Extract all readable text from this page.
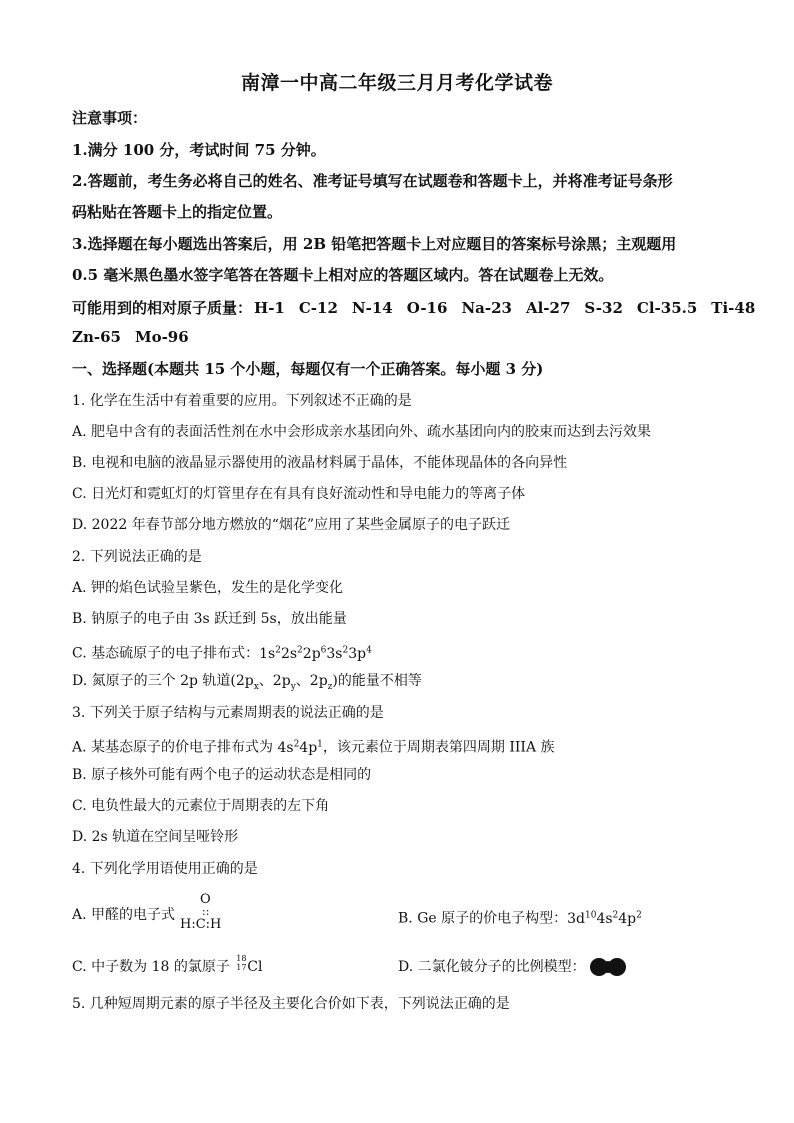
南漳一中高二年级三月月考化学试卷
注意事项：
1.满分 100 分，考试时间 75 分钟。
2.答题前，考生务必将自己的姓名、准考证号填写在试题卷和答题卡上，并将准考证号条形
码粘贴在答题卡上的指定位置。
3.选择题在每小题选出答案后，用 2B 铅笔把答题卡上对应题目的答案标号涂黑；主观题用
0.5 毫米黑色墨水签字笔答在答题卡上相对应的答题区域内。答在试题卷上无效。
可能用到的相对原子质量： H-1 C-12 N-14 O-16 Na-23 Al-27 S-32 Cl-35.5 Ti-48
Zn-65 Mo-96
一、选择题(本题共 15 个小题，每题仅有一个正确答案。每小题 3 分)
1. 化学在生活中有着重要的应用。下列叙述不正确的是
A. 肥皂中含有的表面活性剂在水中会形成亲水基团向外、疏水基团向内的胶束而达到去污效果
B. 电视和电脑的液晶显示器使用的液晶材料属于晶体，不能体现晶体的各向异性
C. 日光灯和霓虹灯的灯管里存在有具有良好流动性和导电能力的等离子体
D. 2022 年春节部分地方燃放的“烟花”应用了某些金属原子的电子跃迁
2. 下列说法正确的是
A. 钾的焰色试验呈紫色，发生的是化学变化
B. 钠原子的电子由 3s 跃迁到 5s，放出能量
C. 基态硫原子的电子排布式：$1s^22s^22p^63s^23p^4$
D. 氮原子的三个 2p 轨道($2p_x$、$2p_y$、$2p_z$)的能量不相等
3. 下列关于原子结构与元素周期表的说法正确的是
A. 某基态原子的价电子排布式为 $4s^24p^1$，该元素位于周期表第四周期 IIIA 族
B. 原子核外可能有两个电子的运动状态是相同的
C. 电负性最大的元素位于周期表的左下角
D. 2s 轨道在空间呈哑铃形
4. 下列化学用语使用正确的是
A. 甲醛的电子式
O
::
H:C:H	B. Ge 原子的价电子构型：$3d^{10}4s^24p^2$
C. 中子数为 18 的氯原子
18
17 Cl	D. 二氯化铍分子的比例模型：
5. 几种短周期元素的原子半径及主要化合价如下表，下列说法正确的是
